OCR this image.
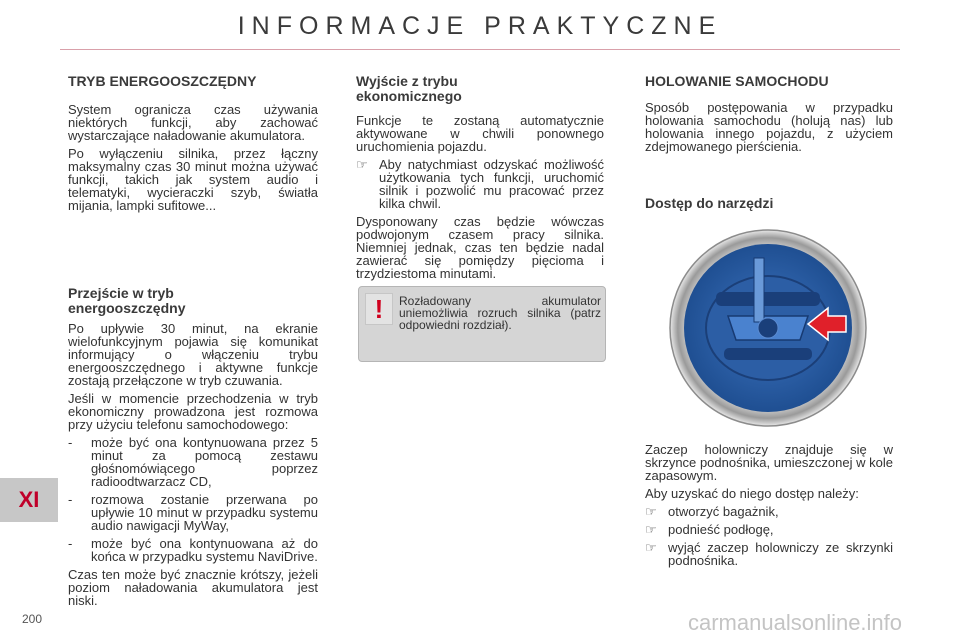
INFORMACJE PRAKTYCZNE
XI
200
TRYB ENERGOOSZCZĘDNY

System ogranicza czas używania niektórych funkcji, aby zachować wystarczające naładowanie akumulatora.

Po wyłączeniu silnika, przez łączny maksymalny czas 30 minut można używać funkcji, takich jak system audio i telematyki, wycieraczki szyb, światła mijania, lampki sufitowe...

Przejście w tryb energooszczędny

Po upływie 30 minut, na ekranie wielofunkcyjnym pojawia się komunikat informujący o włączeniu trybu energooszczędnego i aktywne funkcje zostają przełączone w tryb czuwania.

Jeśli w momencie przechodzenia w tryb ekonomiczny prowadzona jest rozmowa przy użyciu telefonu samochodowego:

- może być ona kontynuowana przez 5 minut za pomocą zestawu głośnomówiącego poprzez radioodtwarzacz CD,
- rozmowa zostanie przerwana po upływie 10 minut w przypadku systemu audio nawigacji MyWay,
- może być ona kontynuowana aż do końca w przypadku systemu NaviDrive.

Czas ten może być znacznie krótszy, jeżeli poziom naładowania akumulatora jest niski.

Wyjście z trybu ekonomicznego

Funkcje te zostaną automatycznie aktywowane w chwili ponownego uruchomienia pojazdu.

☞ Aby natychmiast odzyskać możliwość użytkowania tych funkcji, uruchomić silnik i pozwolić mu pracować przez kilka chwil.

Dysponowany czas będzie wówczas podwojonym czasem pracy silnika. Niemniej jednak, czas ten będzie nadal zawierać się pomiędzy pięcioma i trzydziestoma minutami.

!	Rozładowany akumulator uniemożliwia rozruch silnika (patrz odpowiedni rozdział).

HOLOWANIE SAMOCHODU

Sposób postępowania w przypadku holowania samochodu (holują nas) lub holowania innego pojazdu, z użyciem zdejmowanego pierścienia.

Dostęp do narzędzi

Zaczep holowniczy znajduje się w skrzynce podnośnika, umieszczonej w kole zapasowym.

Aby uzyskać do niego dostęp należy:

☞ otworzyć bagażnik,
☞ podnieść podłogę,
☞ wyjąć zaczep holowniczy ze skrzynki podnośnika.
carmanualsonline.info
